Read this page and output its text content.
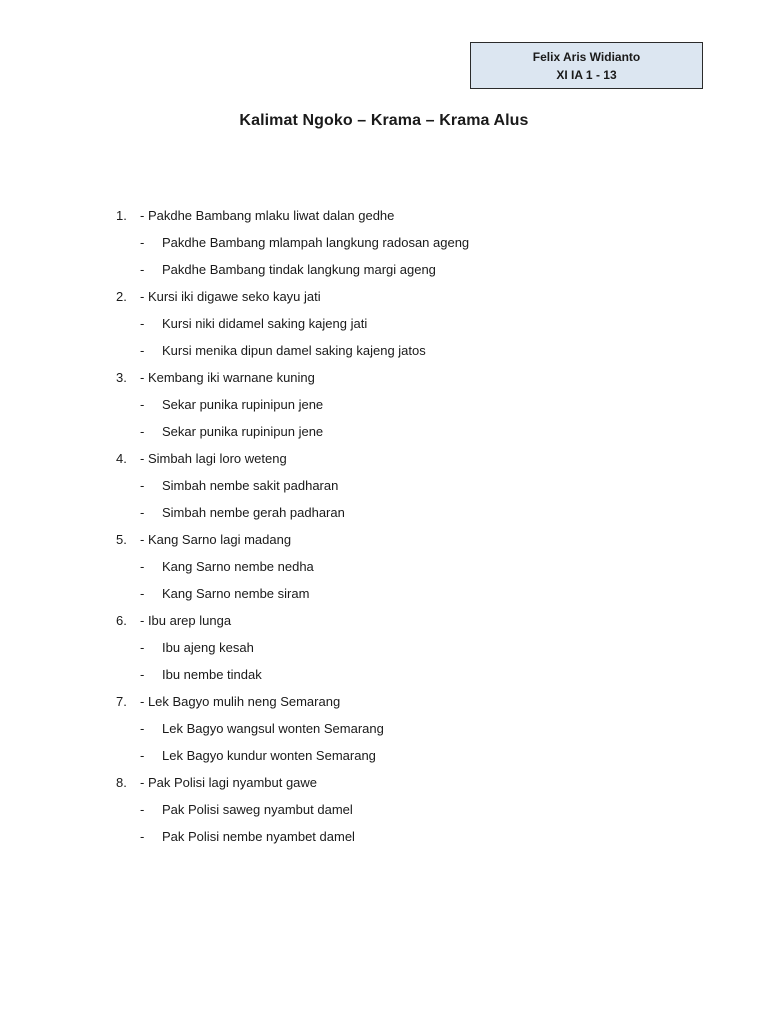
Felix Aris Widianto
XI IA 1 - 13
Kalimat Ngoko – Krama – Krama Alus
1. - Pakdhe Bambang mlaku liwat dalan gedhe
- Pakdhe Bambang mlampah langkung radosan ageng
- Pakdhe Bambang tindak langkung margi ageng
2. - Kursi iki digawe seko kayu jati
- Kursi niki didamel saking kajeng jati
- Kursi menika dipun damel saking kajeng jatos
3. - Kembang iki warnane kuning
- Sekar punika rupinipun jene
- Sekar punika rupinipun jene
4. - Simbah lagi loro weteng
- Simbah nembe sakit padharan
- Simbah nembe gerah padharan
5. - Kang Sarno lagi madang
- Kang Sarno nembe nedha
- Kang Sarno nembe siram
6. - Ibu arep lunga
- Ibu ajeng kesah
- Ibu nembe tindak
7. - Lek Bagyo mulih neng Semarang
- Lek Bagyo wangsul wonten Semarang
- Lek Bagyo kundur wonten Semarang
8. - Pak Polisi lagi nyambut gawe
- Pak Polisi saweg nyambut damel
- Pak Polisi nembe nyambet damel
